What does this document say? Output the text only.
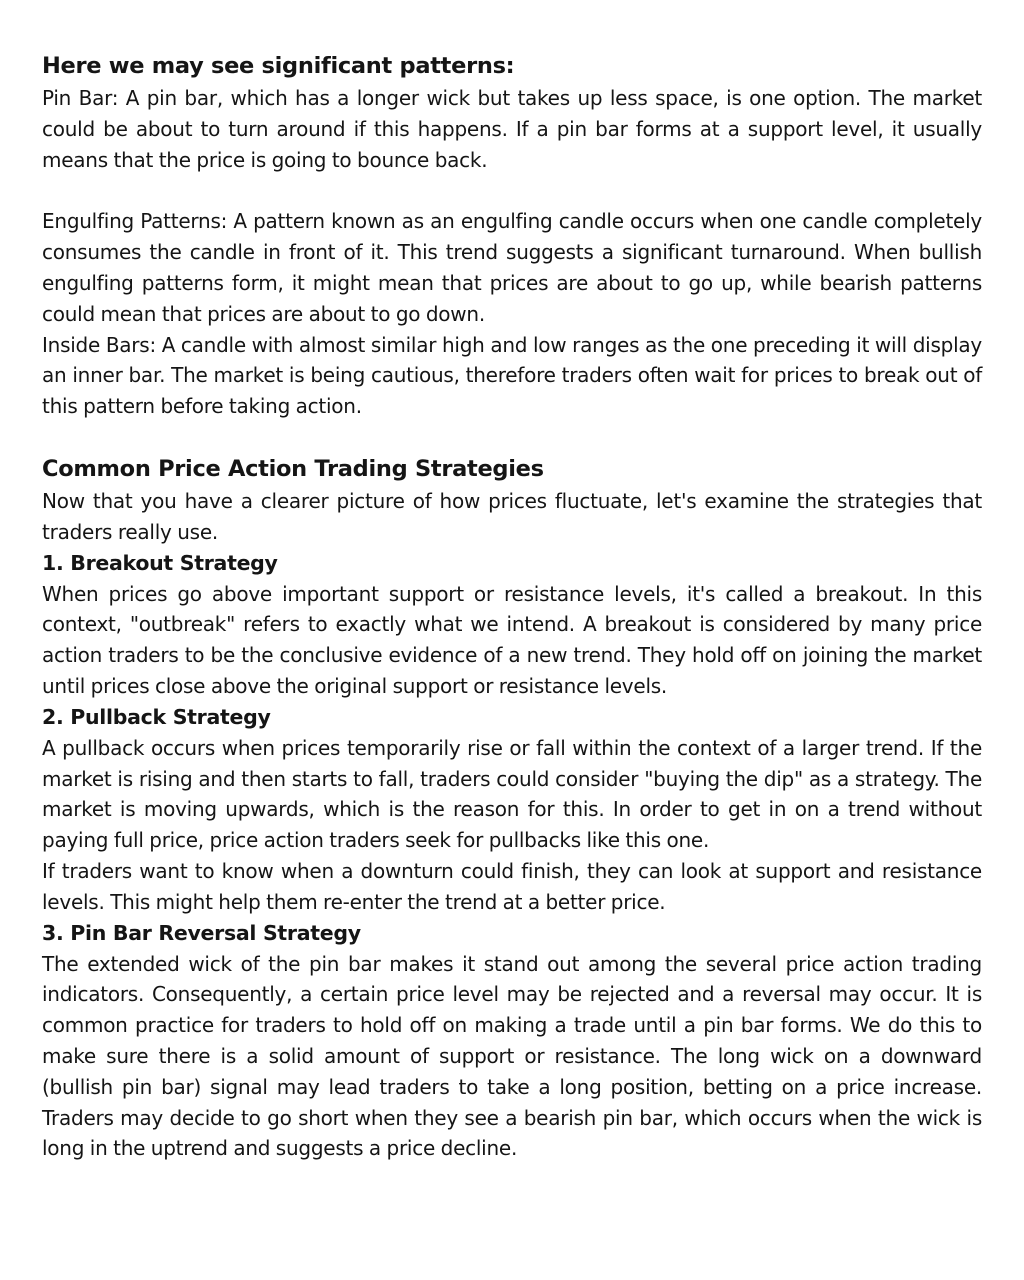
Here we may see significant patterns:

Pin Bar: A pin bar, which has a longer wick but takes up less space, is one option. The market could be about to turn around if this happens. If a pin bar forms at a support level, it usually means that the price is going to bounce back.

Engulfing Patterns: A pattern known as an engulfing candle occurs when one candle completely consumes the candle in front of it. This trend suggests a significant turnaround. When bullish engulfing patterns form, it might mean that prices are about to go up, while bearish patterns could mean that prices are about to go down.

Inside Bars: A candle with almost similar high and low ranges as the one preceding it will display an inner bar. The market is being cautious, therefore traders often wait for prices to break out of this pattern before taking action.

Common Price Action Trading Strategies

Now that you have a clearer picture of how prices fluctuate, let's examine the strategies that traders really use.

1. Breakout Strategy

When prices go above important support or resistance levels, it's called a breakout. In this context, "outbreak" refers to exactly what we intend. A breakout is considered by many price action traders to be the conclusive evidence of a new trend. They hold off on joining the market until prices close above the original support or resistance levels.

2. Pullback Strategy

A pullback occurs when prices temporarily rise or fall within the context of a larger trend. If the market is rising and then starts to fall, traders could consider "buying the dip" as a strategy. The market is moving upwards, which is the reason for this. In order to get in on a trend without paying full price, price action traders seek for pullbacks like this one.

If traders want to know when a downturn could finish, they can look at support and resistance levels. This might help them re-enter the trend at a better price.

3. Pin Bar Reversal Strategy

The extended wick of the pin bar makes it stand out among the several price action trading indicators. Consequently, a certain price level may be rejected and a reversal may occur. It is common practice for traders to hold off on making a trade until a pin bar forms. We do this to make sure there is a solid amount of support or resistance. The long wick on a downward (bullish pin bar) signal may lead traders to take a long position, betting on a price increase. Traders may decide to go short when they see a bearish pin bar, which occurs when the wick is long in the uptrend and suggests a price decline.
